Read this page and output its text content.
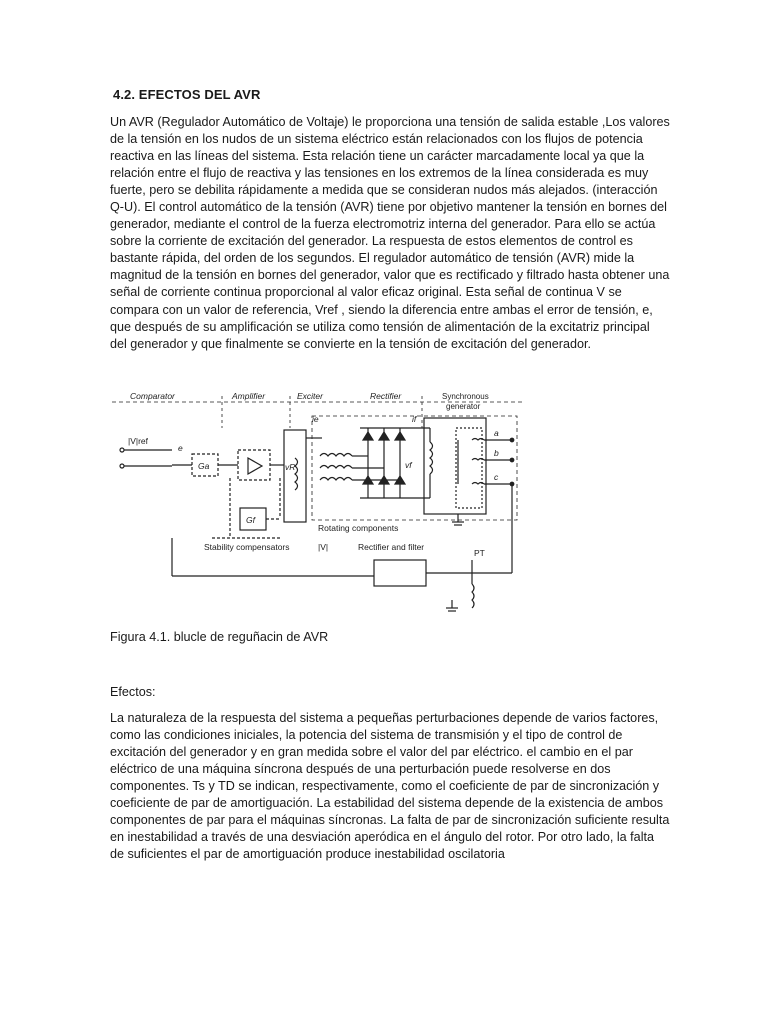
4.2. EFECTOS DEL AVR
Un AVR (Regulador Automático de Voltaje) le proporciona una tensión de salida estable ,Los valores de la tensión en los nudos de un sistema eléctrico están relacionados con los flujos de potencia reactiva en las líneas del sistema. Esta relación tiene un carácter marcadamente local ya que la relación entre el flujo de reactiva y las tensiones en los extremos de la línea considerada es muy fuerte, pero se debilita rápidamente a medida que se consideran nudos más alejados. (interacción Q-U). El control automático de la tensión (AVR) tiene por objetivo mantener la tensión en bornes del generador, mediante el control de la fuerza electromotriz interna del generador. Para ello se actúa sobre la corriente de excitación del generador. La respuesta de estos elementos de control es bastante rápida, del orden de los segundos. El regulador automático de tensión (AVR) mide la magnitud de la tensión en bornes del generador, valor que es rectificado y filtrado hasta obtener una señal de corriente continua proporcional al valor eficaz original. Esta señal de continua V se compara con un valor de referencia, Vref , siendo la diferencia entre ambas el error de tensión, e, que después de su amplificación se utiliza como tensión de alimentación de la excitatriz principal del generador y que finalmente se convierte en la tensión de excitación del generador.
Comparator	Amplifier	Exciter	Rectifier	Synchronous
generator
|V|ref
e
Ga
Gf
vR
ie	if
vf
Rotating components
Stability compensators	|V|	Rectifier and filter
PT
a
b
c
Figura 4.1. blucle de reguñacin de AVR
Efectos:
La naturaleza de la respuesta del sistema a pequeñas perturbaciones depende de varios factores, como las condiciones iniciales, la potencia del sistema de transmisión y el tipo de control de excitación del generador y en gran medida sobre el valor del par eléctrico. el cambio en el par eléctrico de una máquina síncrona después de una perturbación puede resolverse en dos componentes. Ts y TD se indican, respectivamente, como el coeficiente de par de sincronización y coeficiente de par de amortiguación. La estabilidad del sistema depende de la existencia de ambos componentes de par para el máquinas síncronas. La falta de par de sincronización suficiente resulta en inestabilidad a través de una desviación aperódica en el ángulo del rotor. Por otro lado, la falta de suficientes el par de amortiguación produce inestabilidad oscilatoria
